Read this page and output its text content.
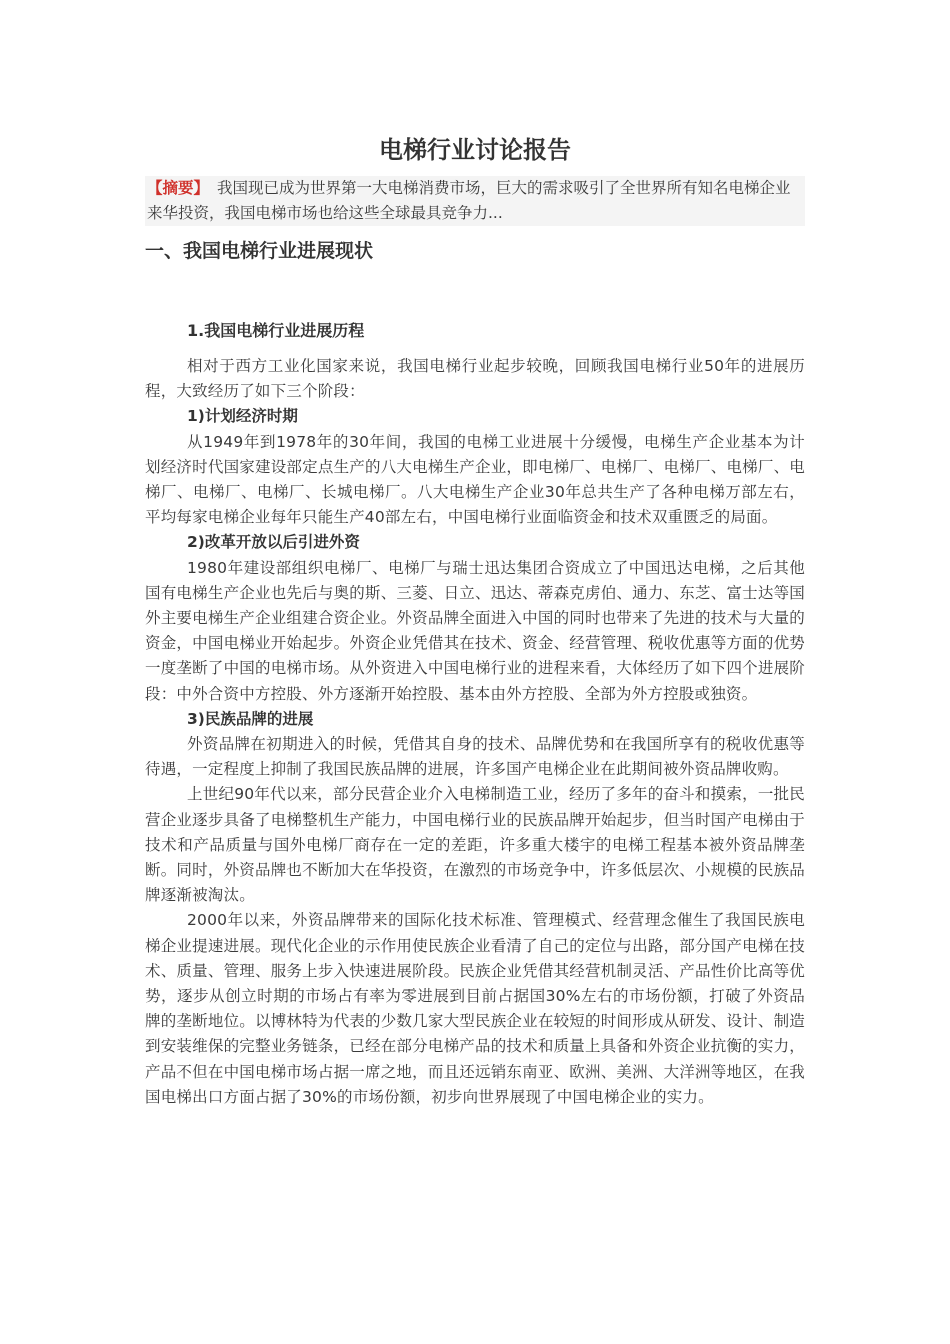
电梯行业讨论报告

【摘要】 我国现已成为世界第一大电梯消费市场，巨大的需求吸引了全世界所有知名电梯企业来华投资，我国电梯市场也给这些全球最具竞争力...

一、我国电梯行业进展现状
1.我国电梯行业进展历程

相对于西方工业化国家来说，我国电梯行业起步较晚，回顾我国电梯行业50年的进展历程，大致经历了如下三个阶段：

1)计划经济时期

从1949年到1978年的30年间，我国的电梯工业进展十分缓慢，电梯生产企业基本为计划经济时代国家建设部定点生产的八大电梯生产企业，即电梯厂、电梯厂、电梯厂、电梯厂、电梯厂、电梯厂、电梯厂、长城电梯厂。八大电梯生产企业30年总共生产了各种电梯万部左右，平均每家电梯企业每年只能生产40部左右，中国电梯行业面临资金和技术双重匮乏的局面。

2)改革开放以后引进外资

1980年建设部组织电梯厂、电梯厂与瑞士迅达集团合资成立了中国迅达电梯，之后其他国有电梯生产企业也先后与奥的斯、三菱、日立、迅达、蒂森克虏伯、通力、东芝、富士达等国外主要电梯生产企业组建合资企业。外资品牌全面进入中国的同时也带来了先进的技术与大量的资金，中国电梯业开始起步。外资企业凭借其在技术、资金、经营管理、税收优惠等方面的优势一度垄断了中国的电梯市场。从外资进入中国电梯行业的进程来看，大体经历了如下四个进展阶段：中外合资中方控股、外方逐渐开始控股、基本由外方控股、全部为外方控股或独资。

3)民族品牌的进展

外资品牌在初期进入的时候，凭借其自身的技术、品牌优势和在我国所享有的税收优惠等待遇，一定程度上抑制了我国民族品牌的进展，许多国产电梯企业在此期间被外资品牌收购。

上世纪90年代以来，部分民营企业介入电梯制造工业，经历了多年的奋斗和摸索，一批民营企业逐步具备了电梯整机生产能力，中国电梯行业的民族品牌开始起步，但当时国产电梯由于技术和产品质量与国外电梯厂商存在一定的差距，许多重大楼宇的电梯工程基本被外资品牌垄断。同时，外资品牌也不断加大在华投资，在激烈的市场竞争中，许多低层次、小规模的民族品牌逐渐被淘汰。

2000年以来，外资品牌带来的国际化技术标准、管理模式、经营理念催生了我国民族电梯企业提速进展。现代化企业的示作用使民族企业看清了自己的定位与出路，部分国产电梯在技术、质量、管理、服务上步入快速进展阶段。民族企业凭借其经营机制灵活、产品性价比高等优势，逐步从创立时期的市场占有率为零进展到目前占据国30%左右的市场份额，打破了外资品牌的垄断地位。以博林特为代表的少数几家大型民族企业在较短的时间形成从研发、设计、制造到安装维保的完整业务链条，已经在部分电梯产品的技术和质量上具备和外资企业抗衡的实力，产品不但在中国电梯市场占据一席之地，而且还远销东南亚、欧洲、美洲、大洋洲等地区，在我国电梯出口方面占据了30%的市场份额，初步向世界展现了中国电梯企业的实力。
